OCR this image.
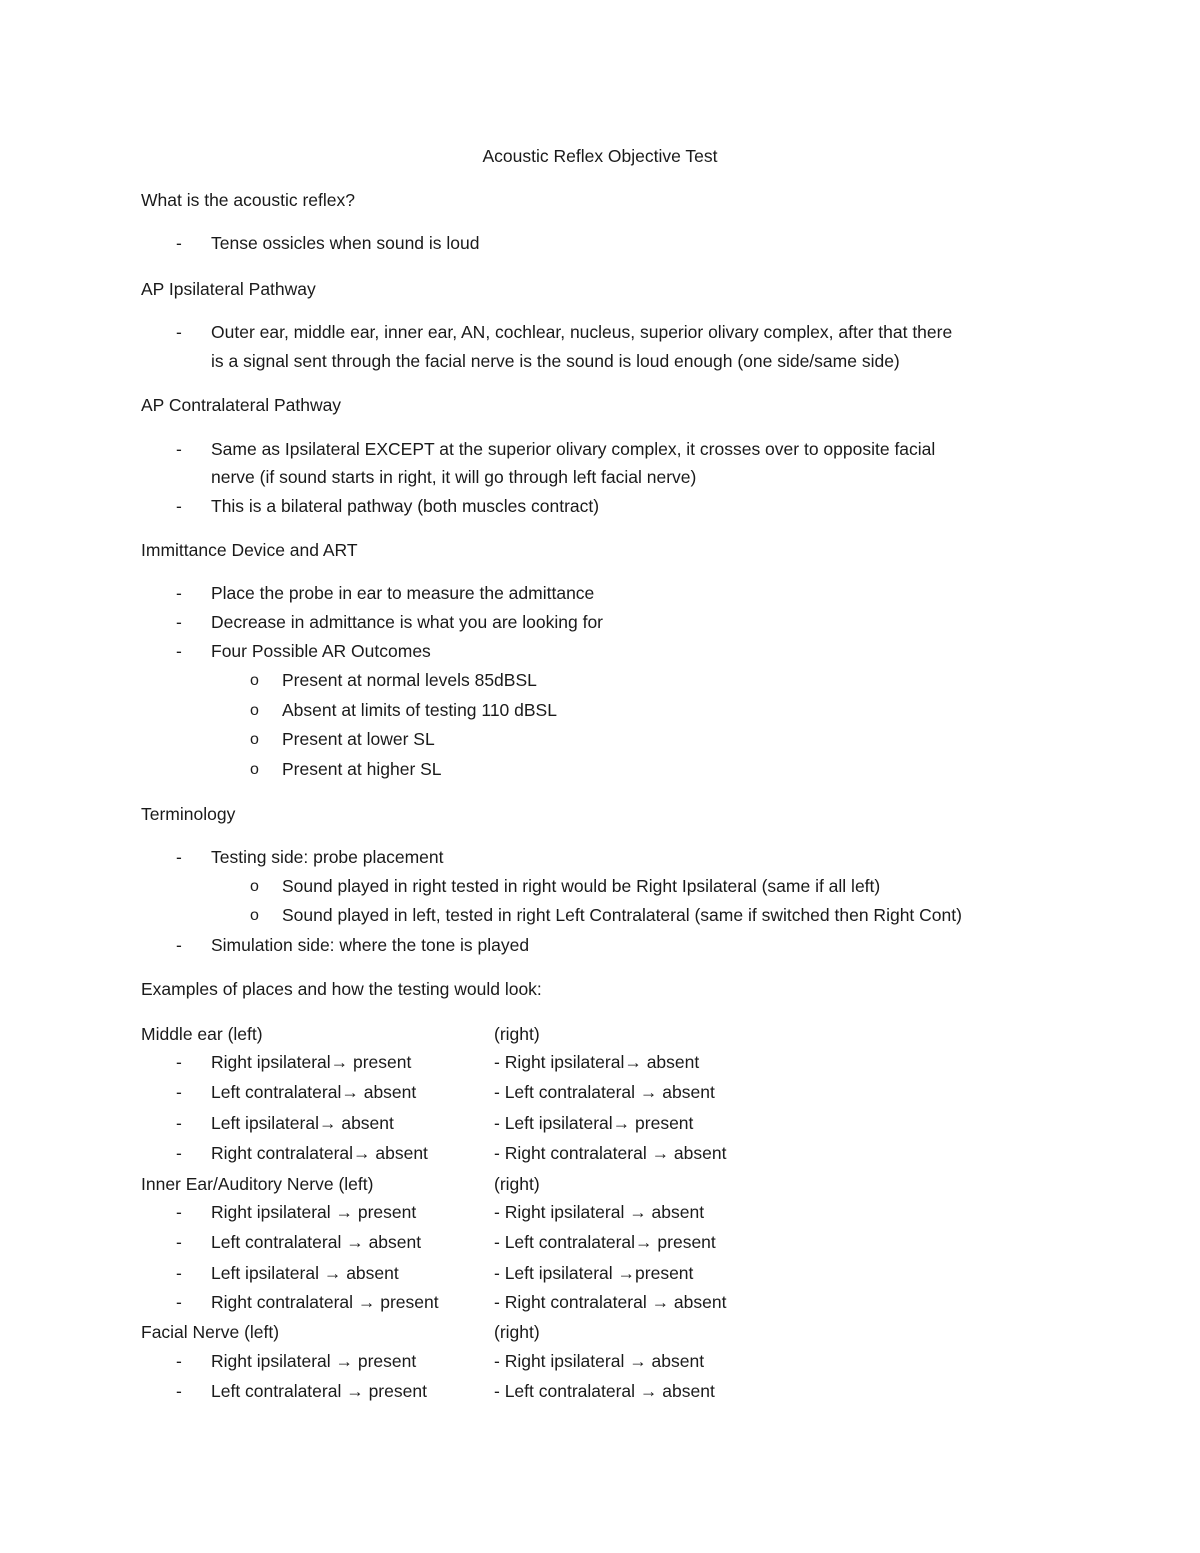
Acoustic Reflex Objective Test
What is the acoustic reflex?
- Tense ossicles when sound is loud
AP Ipsilateral Pathway
- Outer ear, middle ear, inner ear, AN, cochlear, nucleus, superior olivary complex, after that there
is a signal sent through the facial nerve is the sound is loud enough (one side/same side)
AP Contralateral Pathway
- Same as Ipsilateral EXCEPT at the superior olivary complex, it crosses over to opposite facial
nerve (if sound starts in right, it will go through left facial nerve)
- This is a bilateral pathway (both muscles contract)
Immittance Device and ART
- Place the probe in ear to measure the admittance
- Decrease in admittance is what you are looking for
- Four Possible AR Outcomes
o Present at normal levels 85dBSL
o Absent at limits of testing 110 dBSL
o Present at lower SL
o Present at higher SL
Terminology
- Testing side: probe placement
o Sound played in right tested in right would be Right Ipsilateral (same if all left)
o Sound played in left, tested in right Left Contralateral (same if switched then Right Cont)
- Simulation side: where the tone is played
Examples of places and how the testing would look:
Middle ear (left)	(right)
- Right ipsilateral→ present	- Right ipsilateral→ absent
- Left contralateral→ absent	- Left contralateral → absent
- Left ipsilateral→ absent	- Left ipsilateral→ present
- Right contralateral→ absent	- Right contralateral → absent
Inner Ear/Auditory Nerve (left)	(right)
- Right ipsilateral → present	- Right ipsilateral → absent
- Left contralateral → absent	- Left contralateral→ present
- Left ipsilateral → absent	- Left ipsilateral →present
- Right contralateral → present	- Right contralateral → absent
Facial Nerve (left)	(right)
- Right ipsilateral → present	- Right ipsilateral → absent
- Left contralateral → present	- Left contralateral → absent
